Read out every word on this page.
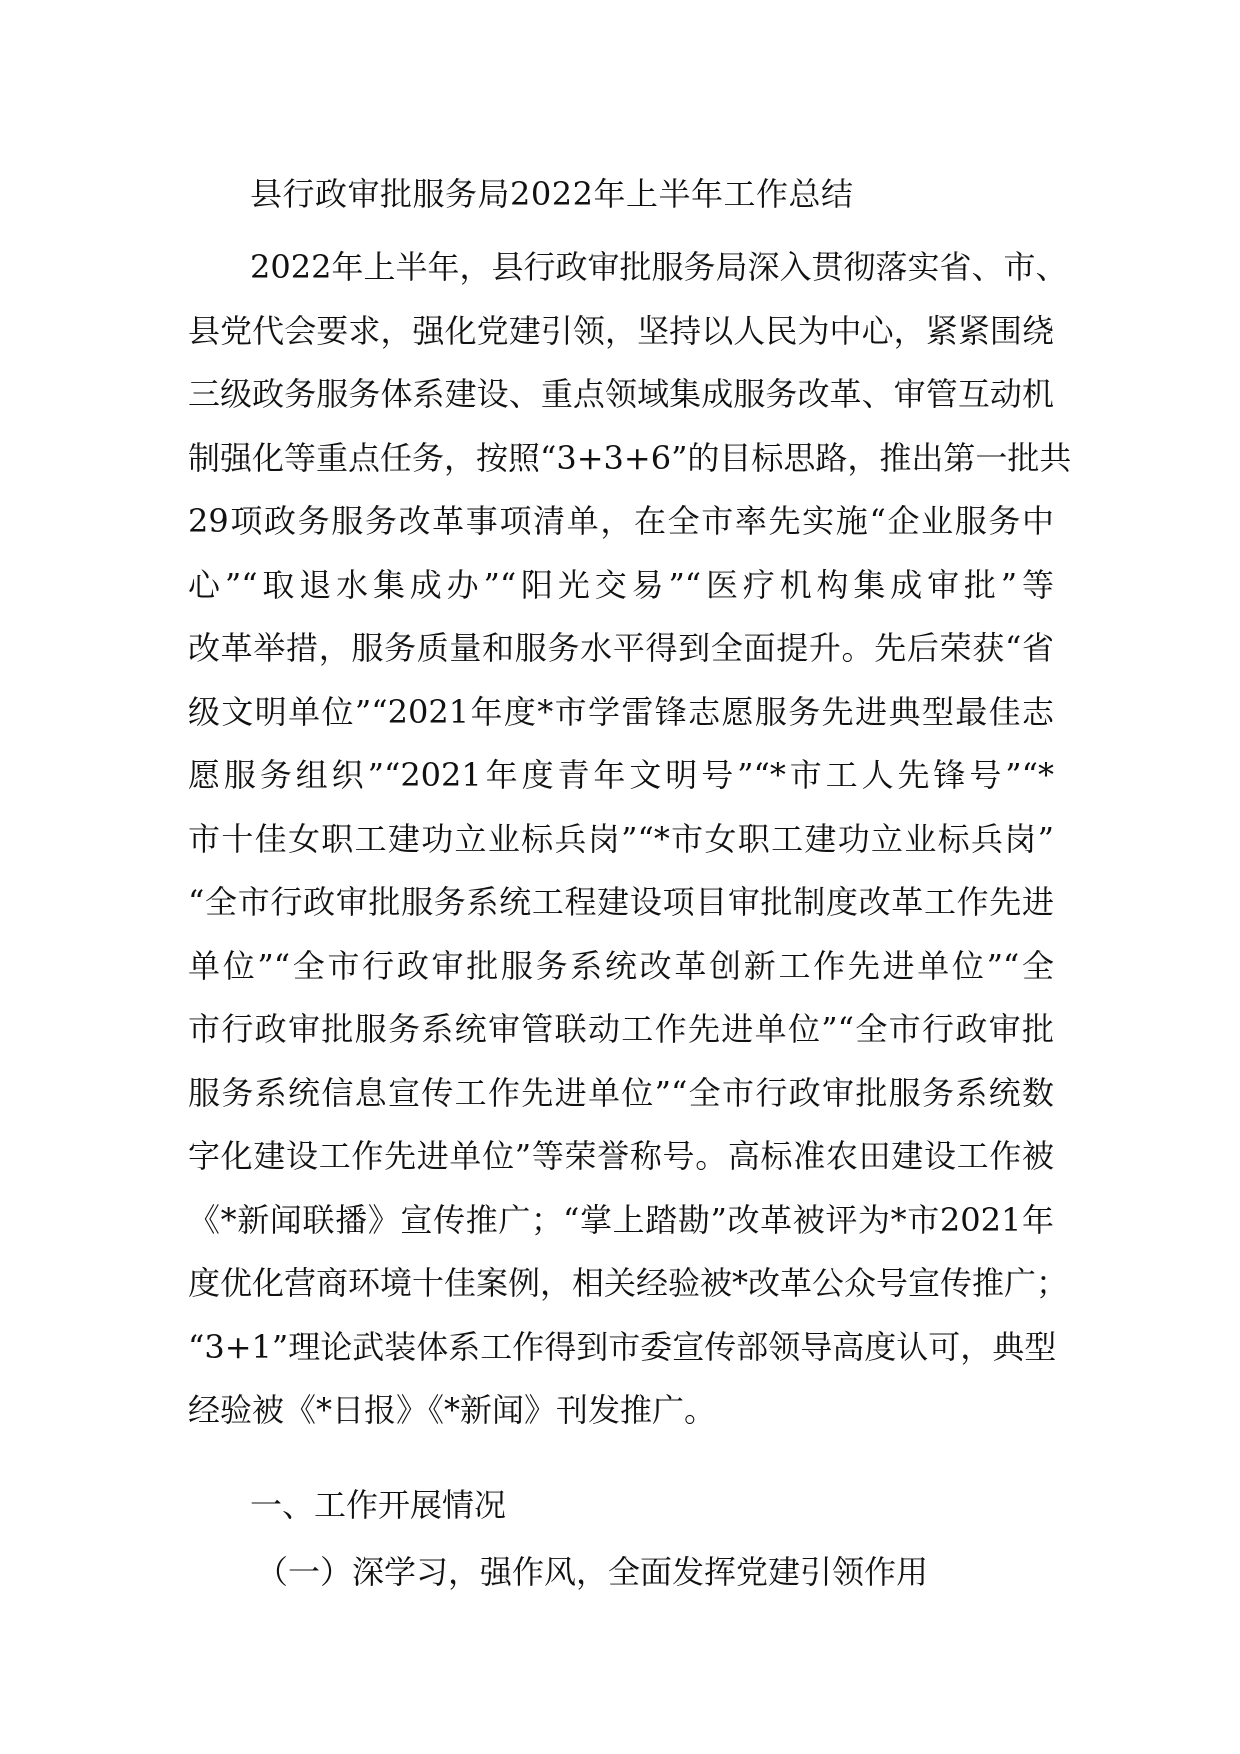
县行政审批服务局2022年上半年工作总结
2022年上半年，县行政审批服务局深入贯彻落实省、市、
县党代会要求，强化党建引领，坚持以人民为中心，紧紧围绕
三级政务服务体系建设、重点领域集成服务改革、审管互动机
制强化等重点任务，按照“3+3+6”的目标思路，推出第一批共
29项政务服务改革事项清单，在全市率先实施“企业服务中
心”“取退水集成办”“阳光交易”“医疗机构集成审批”等
改革举措，服务质量和服务水平得到全面提升。先后荣获“省
级文明单位”“2021年度*市学雷锋志愿服务先进典型最佳志
愿服务组织”“2021年度青年文明号”“*市工人先锋号”“*
市十佳女职工建功立业标兵岗”“*市女职工建功立业标兵岗”
“全市行政审批服务系统工程建设项目审批制度改革工作先进
单位”“全市行政审批服务系统改革创新工作先进单位”“全
市行政审批服务系统审管联动工作先进单位”“全市行政审批
服务系统信息宣传工作先进单位”“全市行政审批服务系统数
字化建设工作先进单位”等荣誉称号。高标准农田建设工作被
《*新闻联播》宣传推广；“掌上踏勘”改革被评为*市2021年
度优化营商环境十佳案例，相关经验被*改革公众号宣传推广；
“3+1”理论武装体系工作得到市委宣传部领导高度认可，典型
经验被《*日报》《*新闻》刊发推广。
一、工作开展情况
（一）深学习，强作风，全面发挥党建引领作用
